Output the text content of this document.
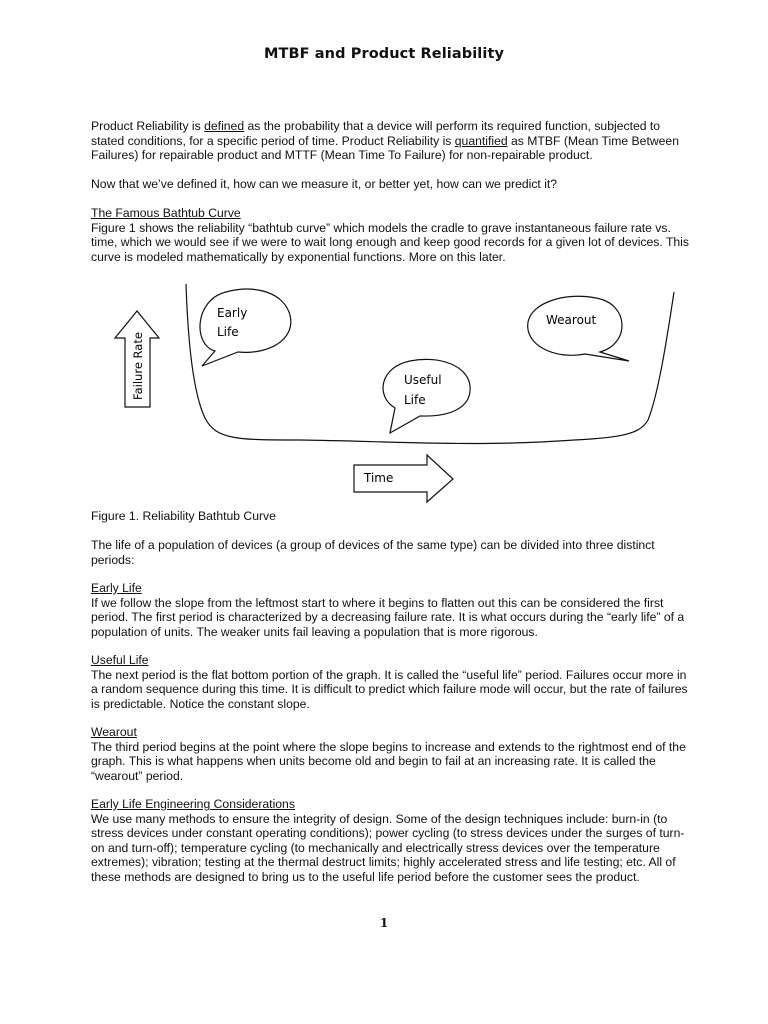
MTBF and Product Reliability

Product Reliability is defined as the probability that a device will perform its required function, subjected to stated conditions, for a specific period of time. Product Reliability is quantified as MTBF (Mean Time Between Failures) for repairable product and MTTF (Mean Time To Failure) for non-repairable product.

Now that we’ve defined it, how can we measure it, or better yet, how can we predict it?

The Famous Bathtub Curve

Figure 1 shows the reliability “bathtub curve” which models the cradle to grave instantaneous failure rate vs. time, which we would see if we were to wait long enough and keep good records for a given lot of devices. This curve is modeled mathematically by exponential functions. More on this later.

Failure Rate
Time
Early
Life
Useful
Life
Wearout

Figure 1. Reliability Bathtub Curve

The life of a population of devices (a group of devices of the same type) can be divided into three distinct periods:

Early Life

If we follow the slope from the leftmost start to where it begins to flatten out this can be considered the first period. The first period is characterized by a decreasing failure rate. It is what occurs during the “early life” of a population of units. The weaker units fail leaving a population that is more rigorous.

Useful Life

The next period is the flat bottom portion of the graph. It is called the “useful life” period. Failures occur more in a random sequence during this time. It is difficult to predict which failure mode will occur, but the rate of failures is predictable. Notice the constant slope.

Wearout

The third period begins at the point where the slope begins to increase and extends to the rightmost end of the graph. This is what happens when units become old and begin to fail at an increasing rate. It is called the “wearout” period.

Early Life Engineering Considerations

We use many methods to ensure the integrity of design. Some of the design techniques include: burn-in (to stress devices under constant operating conditions); power cycling (to stress devices under the surges of turn-on and turn-off); temperature cycling (to mechanically and electrically stress devices over the temperature extremes); vibration; testing at the thermal destruct limits; highly accelerated stress and life testing; etc. All of these methods are designed to bring us to the useful life period before the customer sees the product.

1
